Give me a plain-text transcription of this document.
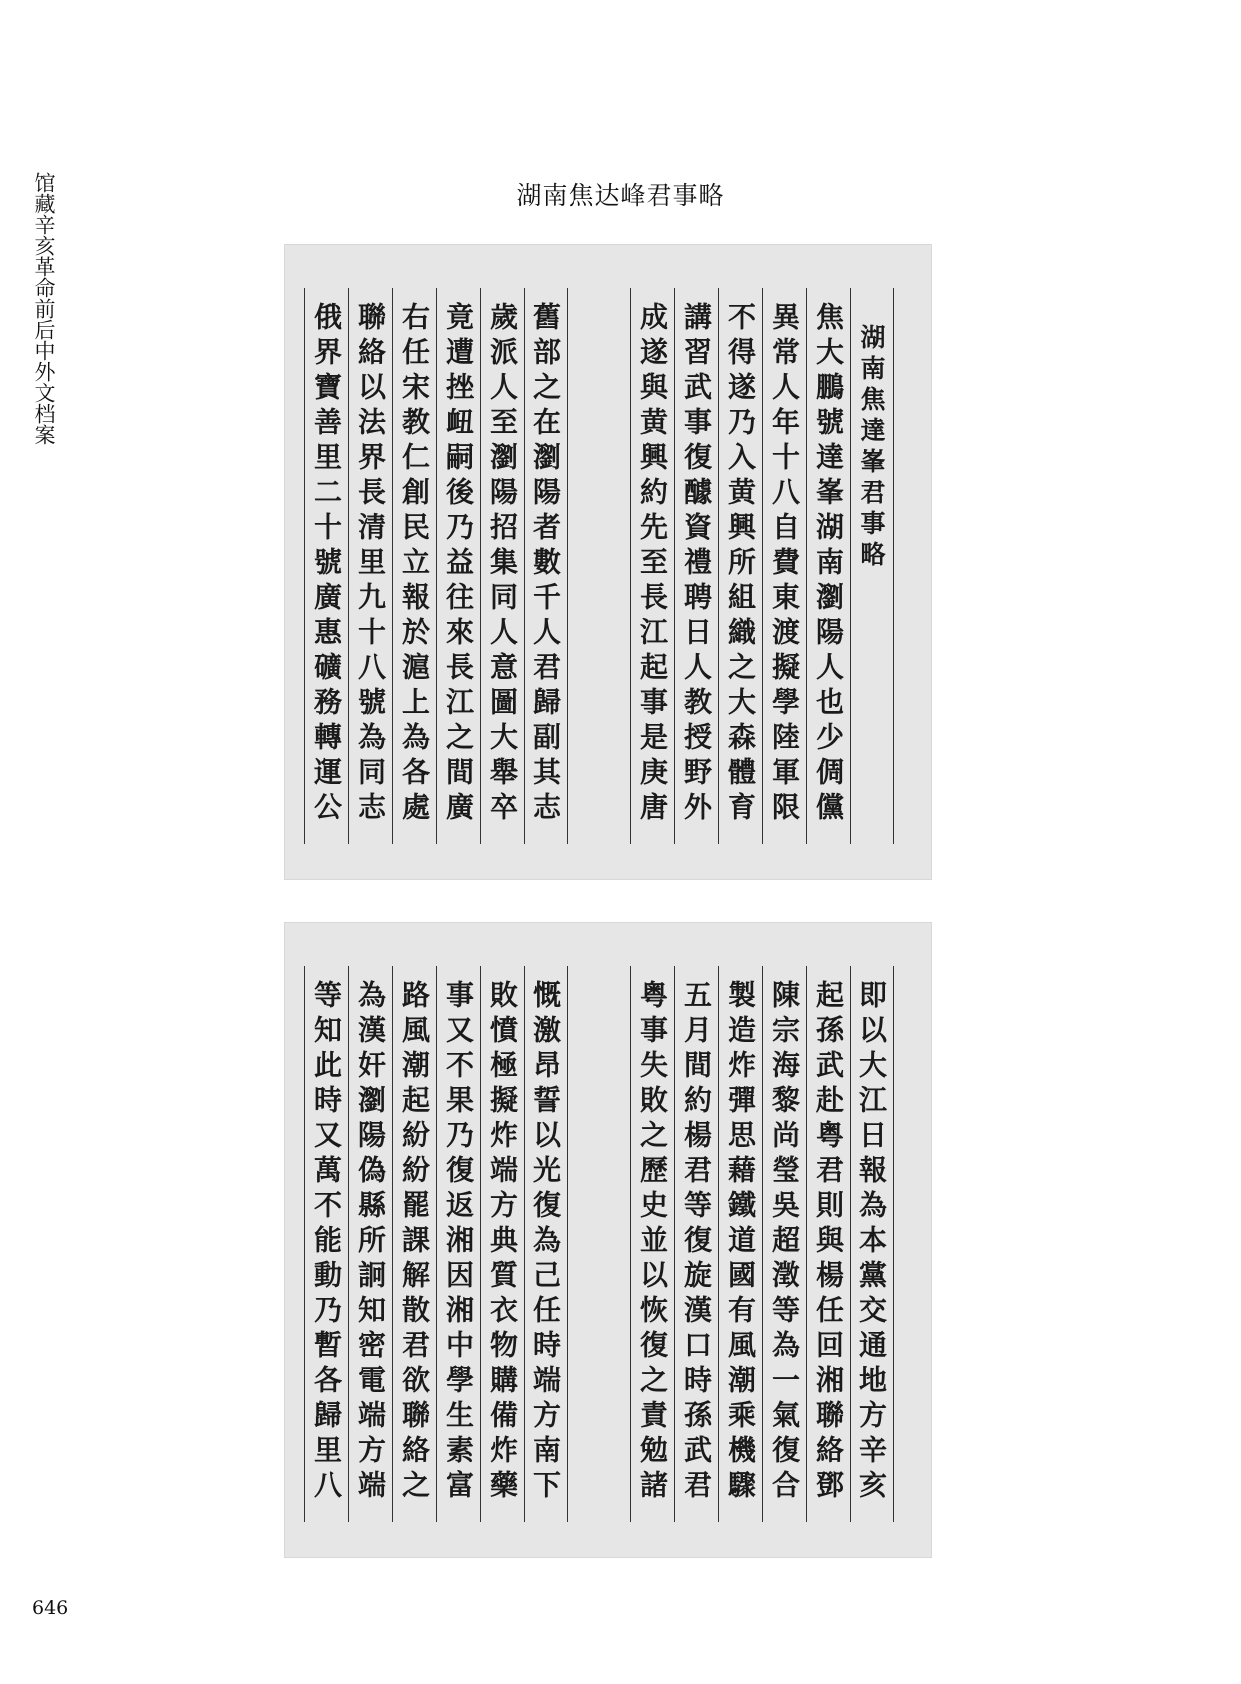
馆藏辛亥革命前后中外文档案	湖南焦达峰君事略
湖南焦達峯君事略
焦大鵬號達峯湖南瀏陽人也少倜儻
異常人年十八自費東渡擬學陸軍限
不得遂乃入黄興所組織之大森體育
講習武事復醵資禮聘日人教授野外
成遂與黄興約先至長江起事是庚唐
舊部之在瀏陽者數千人君歸副其志
歲派人至瀏陽招集同人意圖大舉卒
竟遭挫衄嗣後乃益往來長江之間廣
右任宋教仁創民立報於滬上為各處
聯絡以法界長清里九十八號為同志
俄界寶善里二十號廣惠礦務轉運公
即以大江日報為本黨交通地方辛亥
起孫武赴粤君則與楊任回湘聯絡鄧
陳宗海黎尚瑩吳超澂等為一氣復合
製造炸彈思藉鐵道國有風潮乘機驟
五月間約楊君等復旋漢口時孫武君
粤事失敗之歷史並以恢復之責勉諸
慨激昂誓以光復為己任時端方南下
敗憤極擬炸端方典質衣物購備炸藥
事又不果乃復返湘因湘中學生素富
路風潮起紛紛罷課解散君欲聯絡之
為漢奸瀏陽偽縣所詗知密電端方端
等知此時又萬不能動乃暫各歸里八
646
